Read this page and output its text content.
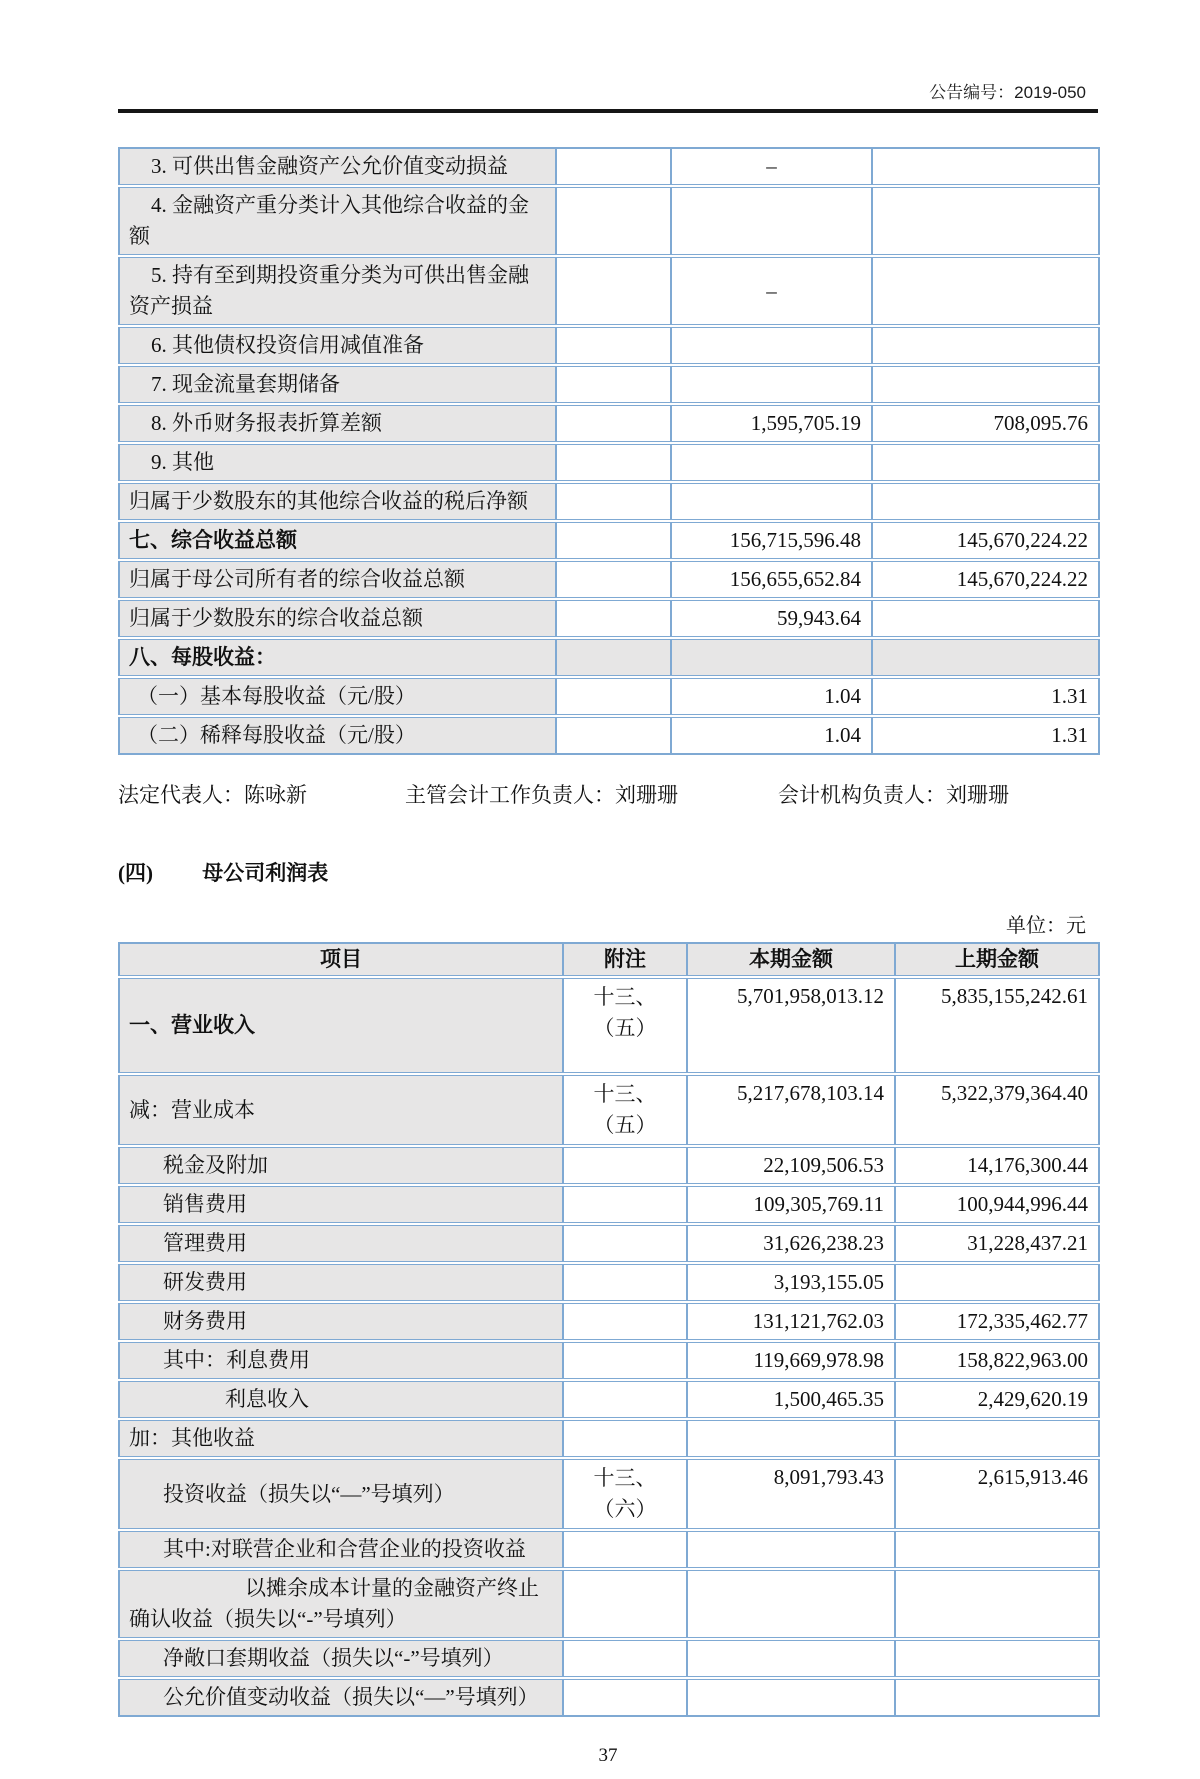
公告编号：2019-050
3. 可供出售金融资产公允价值变动损益		–	
4. 金融资产重分类计入其他综合收益的金
额			
5. 持有至到期投资重分类为可供出售金融
资产损益		–	
6. 其他债权投资信用减值准备			
7. 现金流量套期储备			
8. 外币财务报表折算差额		1,595,705.19	708,095.76
9. 其他			
归属于少数股东的其他综合收益的税后净额			
七、综合收益总额		156,715,596.48	145,670,224.22
归属于母公司所有者的综合收益总额		156,655,652.84	145,670,224.22
归属于少数股东的综合收益总额		59,943.64	
八、每股收益：			
（一）基本每股收益（元/股）		1.04	1.31
（二）稀释每股收益（元/股）		1.04	1.31
法定代表人：陈咏新	主管会计工作负责人：刘珊珊	会计机构负责人：刘珊珊
(四) 母公司利润表
单位：元
项目	附注	本期金额	上期金额
一、营业收入	十三、
（五）	5,701,958,013.12	5,835,155,242.61
减：营业成本	十三、
（五）	5,217,678,103.14	5,322,379,364.40
税金及附加		22,109,506.53	14,176,300.44
销售费用		109,305,769.11	100,944,996.44
管理费用		31,626,238.23	31,228,437.21
研发费用		3,193,155.05	
财务费用		131,121,762.03	172,335,462.77
其中：利息费用		119,669,978.98	158,822,963.00
利息收入		1,500,465.35	2,429,620.19
加：其他收益			
投资收益（损失以“—”号填列）	十三、
（六）	8,091,793.43	2,615,913.46
其中:对联营企业和合营企业的投资收益			
以摊余成本计量的金融资产终止
确认收益（损失以“-”号填列）			
净敞口套期收益（损失以“-”号填列）			
公允价值变动收益（损失以“—”号填列）			
37
